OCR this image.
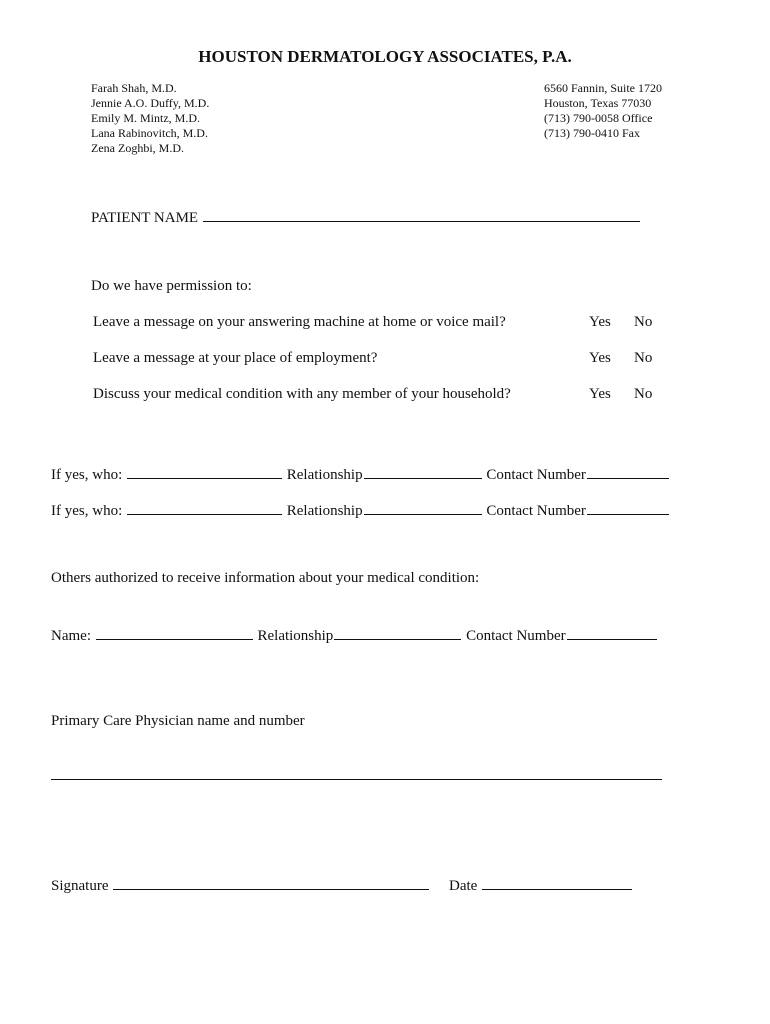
HOUSTON DERMATOLOGY ASSOCIATES, P.A.
Farah Shah, M.D.
Jennie A.O. Duffy, M.D.
Emily M. Mintz, M.D.
Lana Rabinovitch, M.D.
Zena Zoghbi, M.D.
6560 Fannin, Suite 1720
Houston, Texas 77030
(713) 790-0058 Office
(713) 790-0410 Fax
PATIENT NAME
Do we have permission to:
Leave a message on your answering machine at home or voice mail?	Yes No
Leave a message at your place of employment?	Yes No
Discuss your medical condition with any member of your household?	Yes No
If yes, who:	Relationship	Contact Number
If yes, who:	Relationship	Contact Number
Others authorized to receive information about your medical condition:
Name:	Relationship	Contact Number
Primary Care Physician name and number
Signature	Date
